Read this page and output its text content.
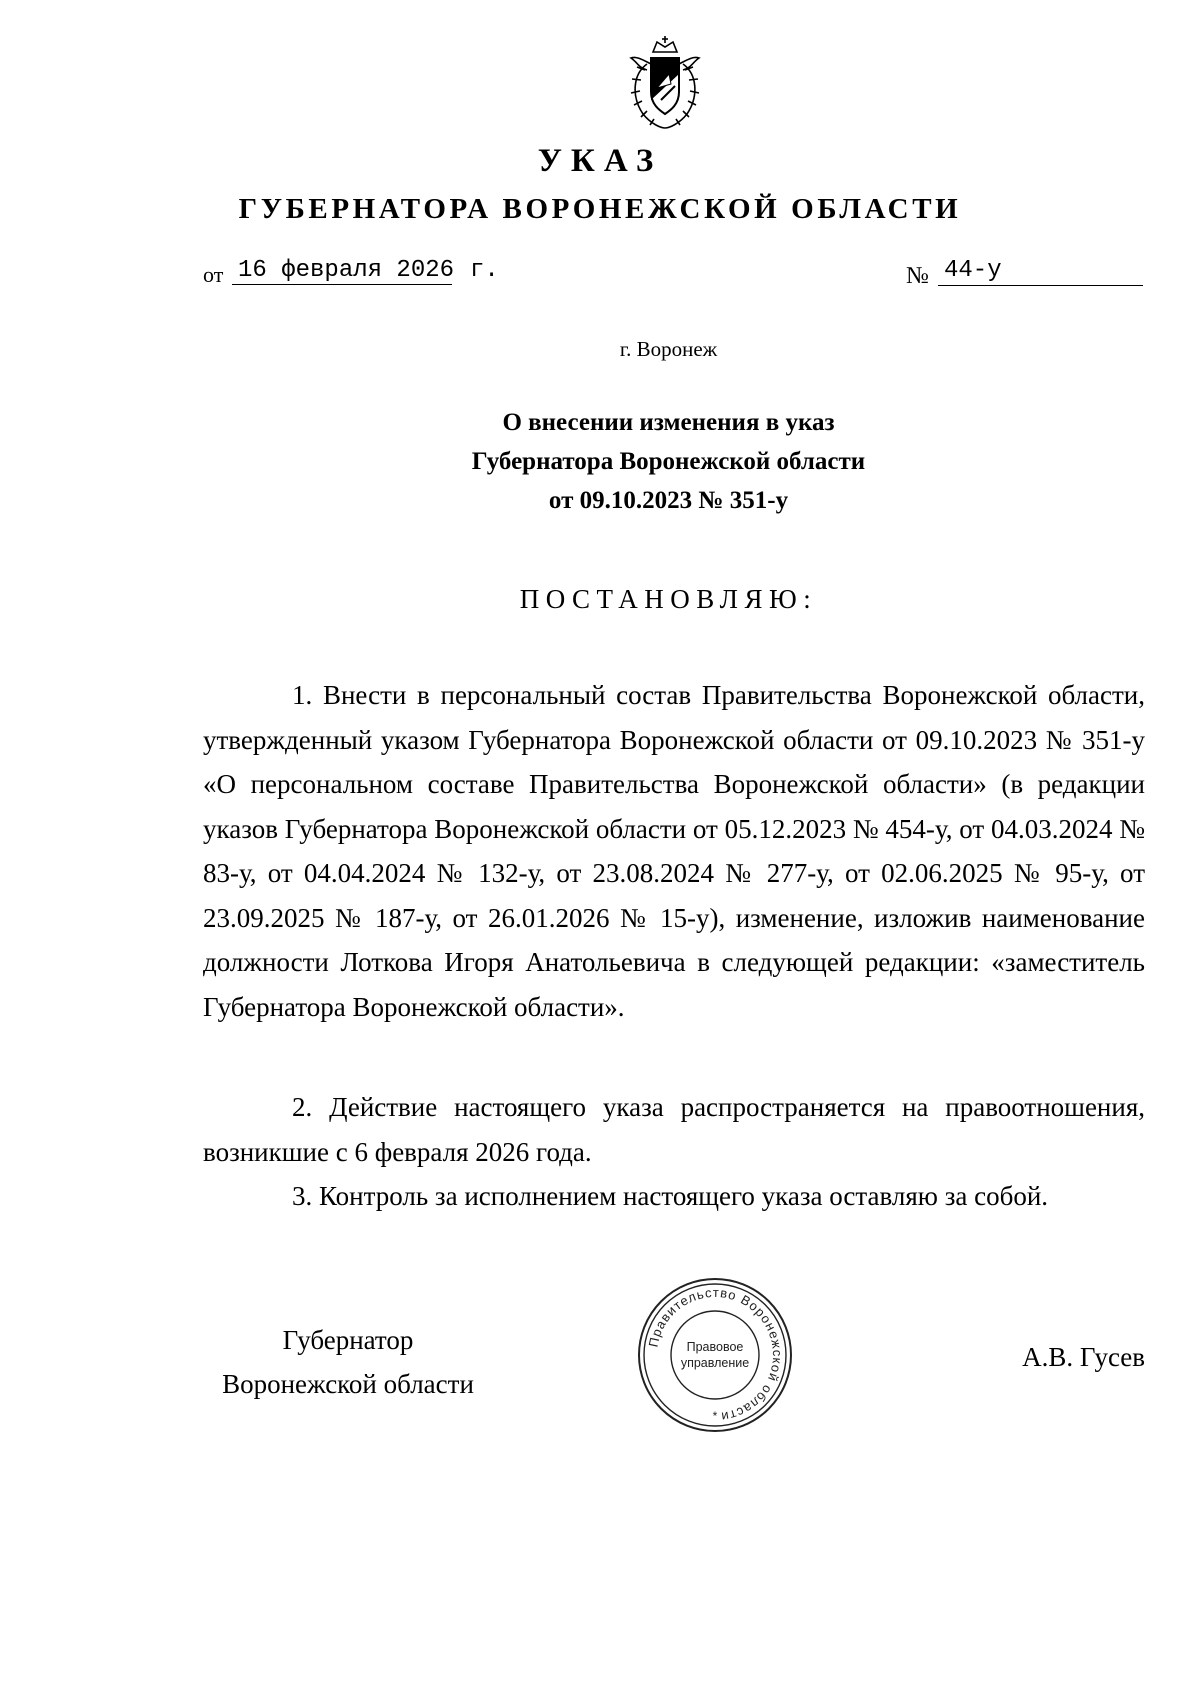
УКАЗ
ГУБЕРНАТОРА ВОРОНЕЖСКОЙ ОБЛАСТИ
от 16 февраля 2026 г.	№ 44-у
г. Воронеж
О внесении изменения в указ
Губернатора Воронежской области
от 09.10.2023 № 351-у
ПОСТАНОВЛЯЮ:

1. Внести в персональный состав Правительства Воронежской области, утвержденный указом Губернатора Воронежской области от 09.10.2023 № 351-у «О персональном составе Правительства Воронежской области» (в редакции указов Губернатора Воронежской области от 05.12.2023 № 454-у, от 04.03.2024 № 83-у, от 04.04.2024 № 132-у, от 23.08.2024 № 277-у, от 02.06.2025 № 95-у, от 23.09.2025 № 187-у, от 26.01.2026 № 15-у), изменение, изложив наименование должности Лоткова Игоря Анатольевича в следующей редакции: «заместитель Губернатора Воронежской области».

2. Действие настоящего указа распространяется на правоотношения, возникшие с 6 февраля 2026 года.

3. Контроль за исполнением настоящего указа оставляю за собой.

Губернатор
Воронежской области
Правительство Воронежской области
Правовое
управление
*
А.В. Гусев
